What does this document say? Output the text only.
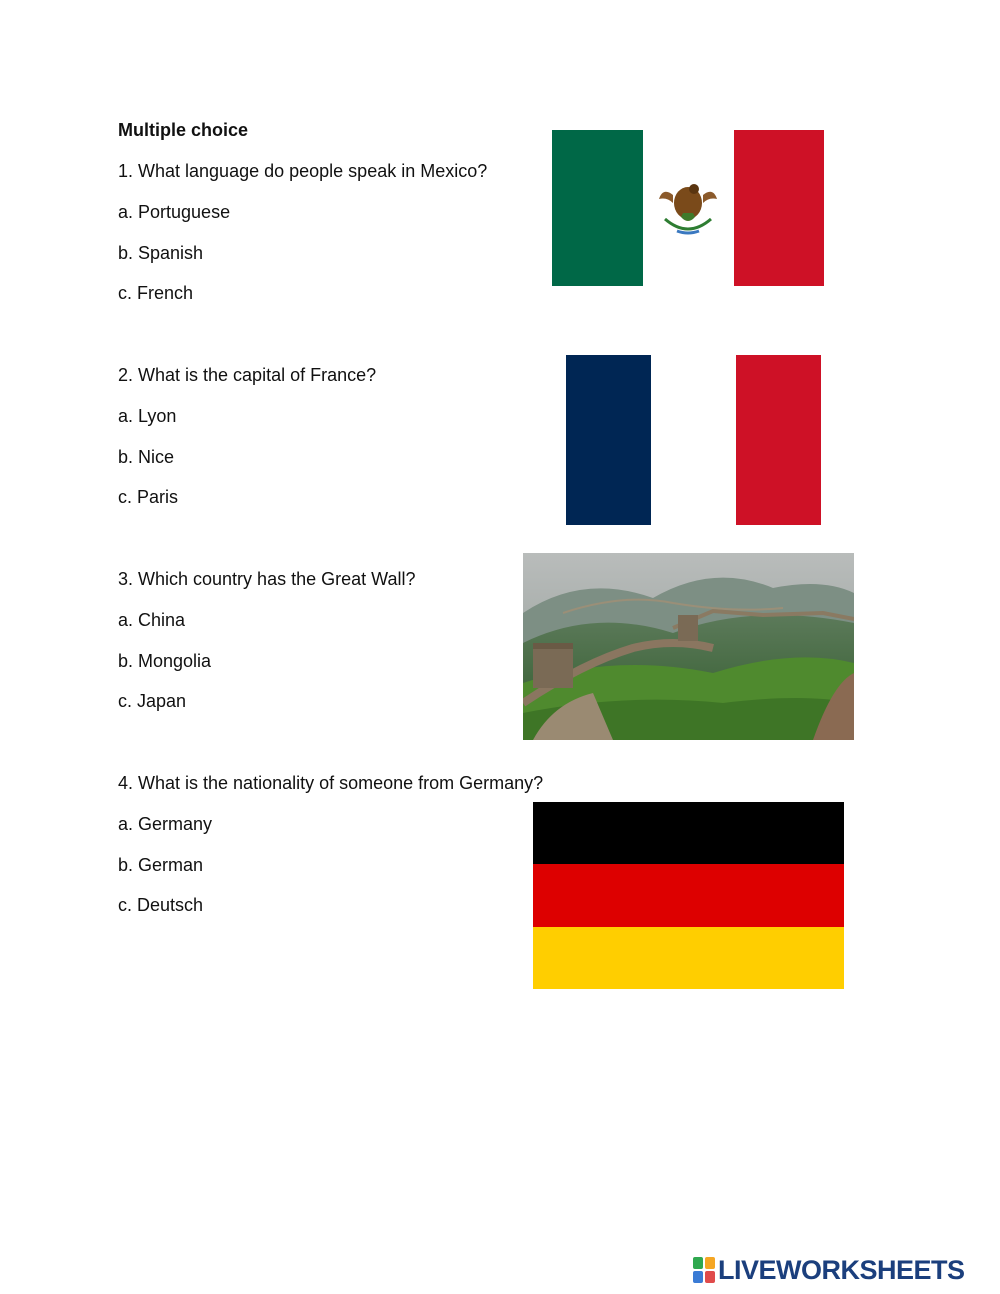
Multiple choice
1. What language do people speak in Mexico?
a. Portuguese
b. Spanish
c. French
2. What is the capital of France?
a. Lyon
b. Nice
c. Paris
3. Which country has the Great Wall?
a. China
b. Mongolia
c. Japan
4. What is the nationality of someone from Germany?
a. Germany
b. German
c. Deutsch
LIVEWORKSHEETS
